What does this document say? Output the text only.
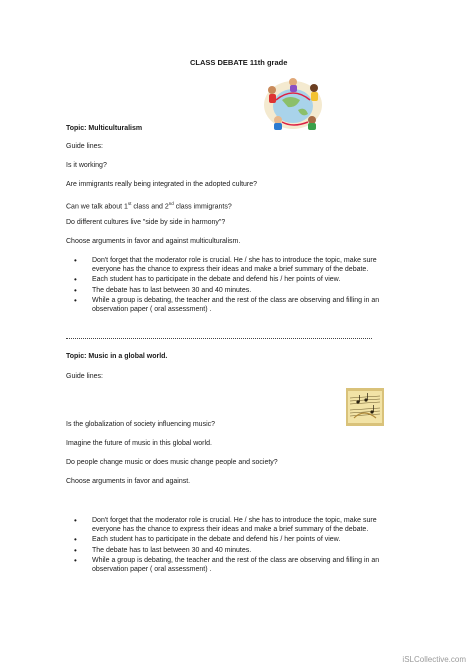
CLASS DEBATE 11th grade
Topic: Multiculturalism
Guide lines:
Is it working?
Are immigrants really being integrated in the adopted culture?
Can we talk about 1st class and 2nd class immigrants?
Do different cultures live "side by side in harmony"?
Choose arguments in favor and against multiculturalism.
• Don't forget that the moderator role is crucial. He / she has to introduce the topic, make sure everyone has the chance to express their ideas and make a brief summary of the debate.
• Each student has to participate in the debate and defend his / her points of view.
• The debate has to last between 30 and 40 minutes.
• While a group is debating, the teacher and the rest of the class are observing and filling in an observation paper ( oral assessment) .
Topic: Music in a global world.
Guide lines:
Is the globalization of society influencing music?
Imagine the future of music in this global world.
Do people change music or does music change people and society?
Choose arguments in favor and against.
• Don't forget that the moderator role is crucial. He / she has to introduce the topic, make sure everyone has the chance to express their ideas and make a brief summary of the debate.
• Each student has to participate in the debate and defend his / her points of view.
• The debate has to last between 30 and 40 minutes.
• While a group is debating, the teacher and the rest of the class are observing and filling in an observation paper ( oral assessment) .
iSLCollective.com
